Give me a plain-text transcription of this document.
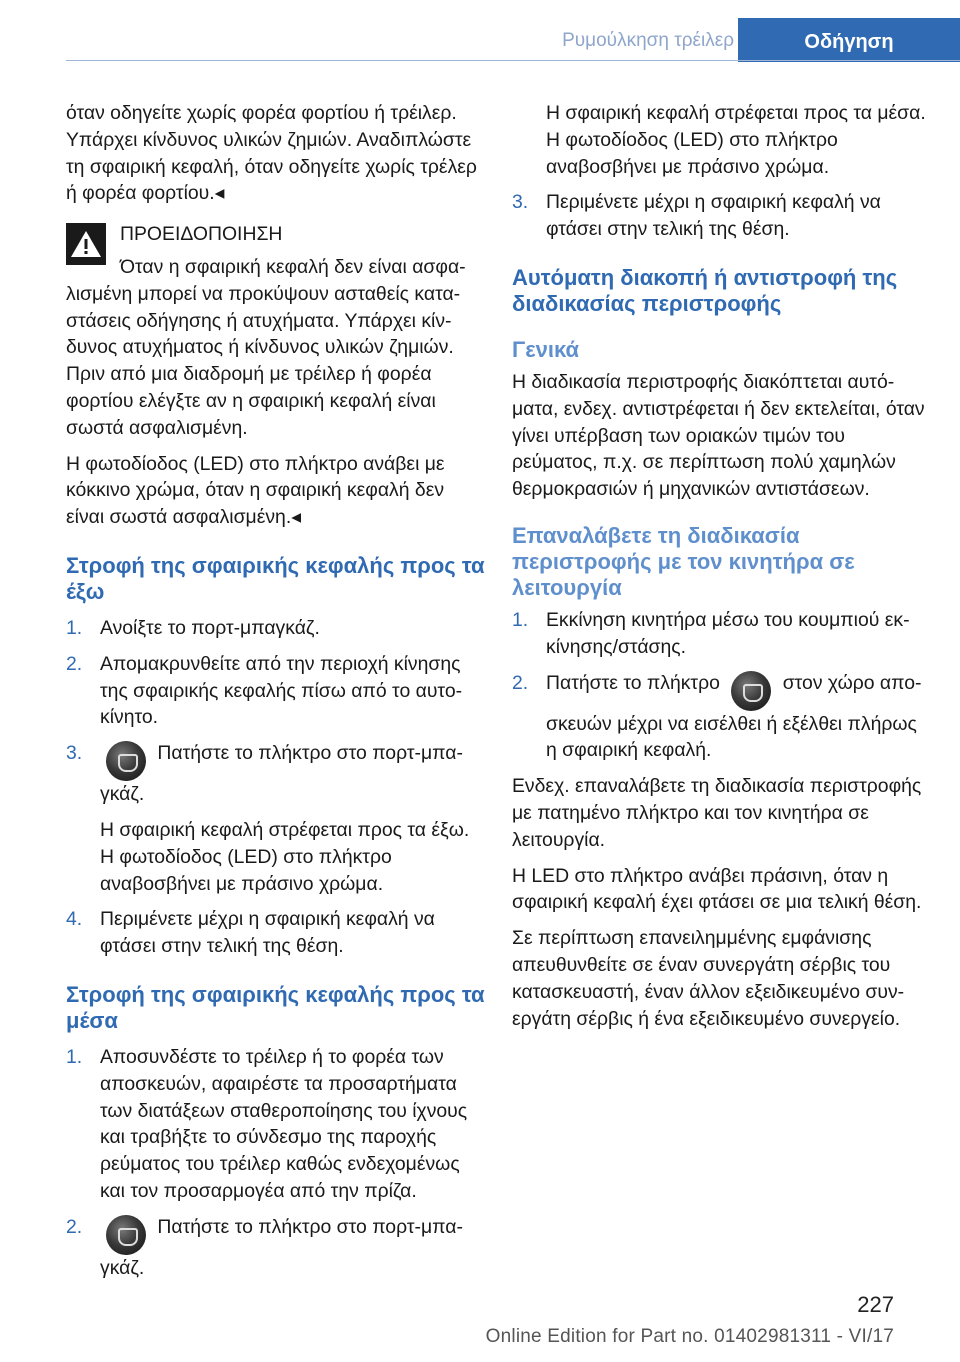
Ρυμούλκηση τρέιλερ	Οδήγηση

όταν οδηγείτε χωρίς φορέα φορτίου ή τρέιλερ. Υπάρχει κίνδυνος υλικών ζημιών. Αναδιπλώστε τη σφαιρική κεφαλή, όταν οδηγείτε χωρίς τρέλερ ή φορέα φορτίου.◂

ΠΡΟΕΙΔΟΠΟΙΗΣΗ

Όταν η σφαιρική κεφαλή δεν είναι ασφαλισμένη μπορεί να προκύψουν ασταθείς καταστάσεις οδήγησης ή ατυχήματα. Υπάρχει κίνδυνος ατυχήματος ή κίνδυνος υλικών ζημιών. Πριν από μια διαδρομή με τρέιλερ ή φορέα φορτίου ελέγξτε αν η σφαιρική κεφαλή είναι σωστά ασφαλισμένη.

Η φωτοδίοδος (LED) στο πλήκτρο ανάβει με κόκκινο χρώμα, όταν η σφαιρική κεφαλή δεν είναι σωστά ασφαλισμένη.◂

Στροφή της σφαιρικής κεφαλής προς τα έξω
1. Ανοίξτε το πορτ-μπαγκάζ.
2. Απομακρυνθείτε από την περιοχή κίνησης της σφαιρικής κεφαλής πίσω από το αυτοκίνητο.
3.	Πατήστε το πλήκτρο στο πορτ-μπαγκάζ.

Η σφαιρική κεφαλή στρέφεται προς τα έξω. Η φωτοδίοδος (LED) στο πλήκτρο αναβοσβήνει με πράσινο χρώμα.

4. Περιμένετε μέχρι η σφαιρική κεφαλή να φτάσει στην τελική της θέση.
Στροφή της σφαιρικής κεφαλής προς τα μέσα
1. Αποσυνδέστε το τρέιλερ ή το φορέα των αποσκευών, αφαιρέστε τα προσαρτήματα των διατάξεων σταθεροποίησης του ίχνους και τραβήξτε το σύνδεσμο της παροχής ρεύματος του τρέιλερ καθώς ενδεχομένως και τον προσαρμογέα από την πρίζα.
2.	Πατήστε το πλήκτρο στο πορτ-μπαγκάζ.

Η σφαιρική κεφαλή στρέφεται προς τα μέσα. Η φωτοδίοδος (LED) στο πλήκτρο αναβοσβήνει με πράσινο χρώμα.

3. Περιμένετε μέχρι η σφαιρική κεφαλή να φτάσει στην τελική της θέση.
Αυτόματη διακοπή ή αντιστροφή της διαδικασίας περιστροφής
Γενικά

Η διαδικασία περιστροφής διακόπτεται αυτόματα, ενδεχ. αντιστρέφεται ή δεν εκτελείται, όταν γίνει υπέρβαση των οριακών τιμών του ρεύματος, π.χ. σε περίπτωση πολύ χαμηλών θερμοκρασιών ή μηχανικών αντιστάσεων.

Επαναλάβετε τη διαδικασία περιστροφής με τον κινητήρα σε λειτουργία
1. Εκκίνηση κινητήρα μέσω του κουμπιού εκκίνησης/στάσης.
2. Πατήστε το πλήκτρο	στον χώρο αποσκευών μέχρι να εισέλθει ή εξέλθει πλήρως η σφαιρική κεφαλή.

Ενδεχ. επαναλάβετε τη διαδικασία περιστροφής με πατημένο πλήκτρο και τον κινητήρα σε λειτουργία.

Η LED στο πλήκτρο ανάβει πράσινη, όταν η σφαιρική κεφαλή έχει φτάσει σε μια τελική θέση.

Σε περίπτωση επανειλημμένης εμφάνισης απευθυνθείτε σε έναν συνεργάτη σέρβις του κατασκευαστή, έναν άλλον εξειδικευμένο συνεργάτη σέρβις ή ένα εξειδικευμένο συνεργείο.

227
Online Edition for Part no. 01402981311 - VI/17
